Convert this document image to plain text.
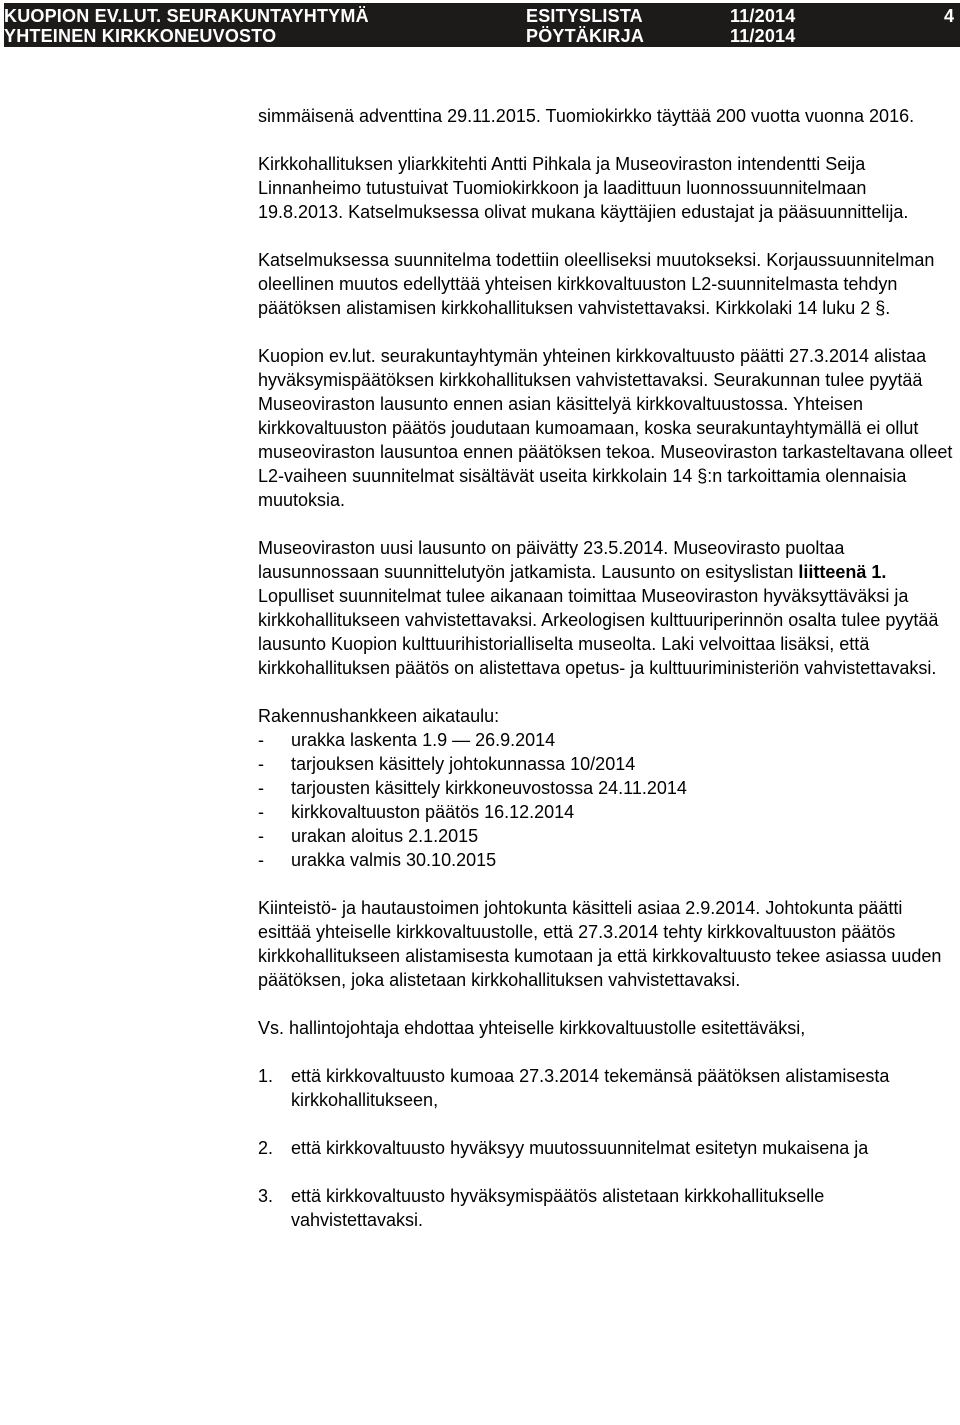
KUOPION EV.LUT. SEURAKUNTAYHTYMÄ	ESITYSLISTA	11/2014	4
YHTEINEN KIRKKONEUVOSTO	PÖYTÄKIRJA	11/2014

simmäisenä adventtina 29.11.2015. Tuomiokirkko täyttää 200 vuotta vuonna 2016.

Kirkkohallituksen yliarkkitehti Antti Pihkala ja Museoviraston intendentti Seija Linnanheimo tutustuivat Tuomiokirkkoon ja laadittuun luonnossuunnitelmaan 19.8.2013. Katselmuksessa olivat mukana käyttäjien edustajat ja pääsuunnittelija.

Katselmuksessa suunnitelma todettiin oleelliseksi muutokseksi. Korjaussuunnitelman oleellinen muutos edellyttää yhteisen kirkkovaltuuston L2-suunnitelmasta tehdyn päätöksen alistamisen kirkkohallituksen vahvistettavaksi. Kirkkolaki 14 luku 2 §.

Kuopion ev.lut. seurakuntayhtymän yhteinen kirkkovaltuusto päätti 27.3.2014 alistaa hyväksymispäätöksen kirkkohallituksen vahvistettavaksi. Seurakunnan tulee pyytää Museoviraston lausunto ennen asian käsittelyä kirkkovaltuustossa. Yhteisen kirkkovaltuuston päätös joudutaan kumoamaan, koska seurakuntayhtymällä ei ollut museoviraston lausuntoa ennen päätöksen tekoa. Museoviraston tarkasteltavana olleet L2-vaiheen suunnitelmat sisältävät useita kirkkolain 14 §:n tarkoittamia olennaisia muutoksia.

Museoviraston uusi lausunto on päivätty 23.5.2014. Museovirasto puoltaa lausunnossaan suunnittelutyön jatkamista. Lausunto on esityslistan liitteenä 1. Lopulliset suunnitelmat tulee aikanaan toimittaa Museoviraston hyväksyttäväksi ja kirkkohallitukseen vahvistettavaksi. Arkeologisen kulttuuriperinnön osalta tulee pyytää lausunto Kuopion kulttuurihistorialliselta museolta. Laki velvoittaa lisäksi, että kirkkohallituksen päätös on alistettava opetus- ja kulttuuriministeriön vahvistettavaksi.

Rakennushankkeen aikataulu:

-	urakka laskenta 1.9 — 26.9.2014
-	tarjouksen käsittely johtokunnassa 10/2014
-	tarjousten käsittely kirkkoneuvostossa 24.11.2014
-	kirkkovaltuuston päätös 16.12.2014
-	urakan aloitus 2.1.2015
-	urakka valmis 30.10.2015

Kiinteistö- ja hautaustoimen johtokunta käsitteli asiaa 2.9.2014. Johtokunta päätti esittää yhteiselle kirkkovaltuustolle, että 27.3.2014 tehty kirkkovaltuuston päätös kirkkohallitukseen alistamisesta kumotaan ja että kirkkovaltuusto tekee asiassa uuden päätöksen, joka alistetaan kirkkohallituksen vahvistettavaksi.

Vs. hallintojohtaja ehdottaa yhteiselle kirkkovaltuustolle esitettäväksi,

1. että kirkkovaltuusto kumoaa 27.3.2014 tekemänsä päätöksen alistamisesta kirkkohallitukseen,
2. että kirkkovaltuusto hyväksyy muutossuunnitelmat esitetyn mukaisena ja
3. että kirkkovaltuusto hyväksymispäätös alistetaan kirkkohallitukselle vahvistettavaksi.
